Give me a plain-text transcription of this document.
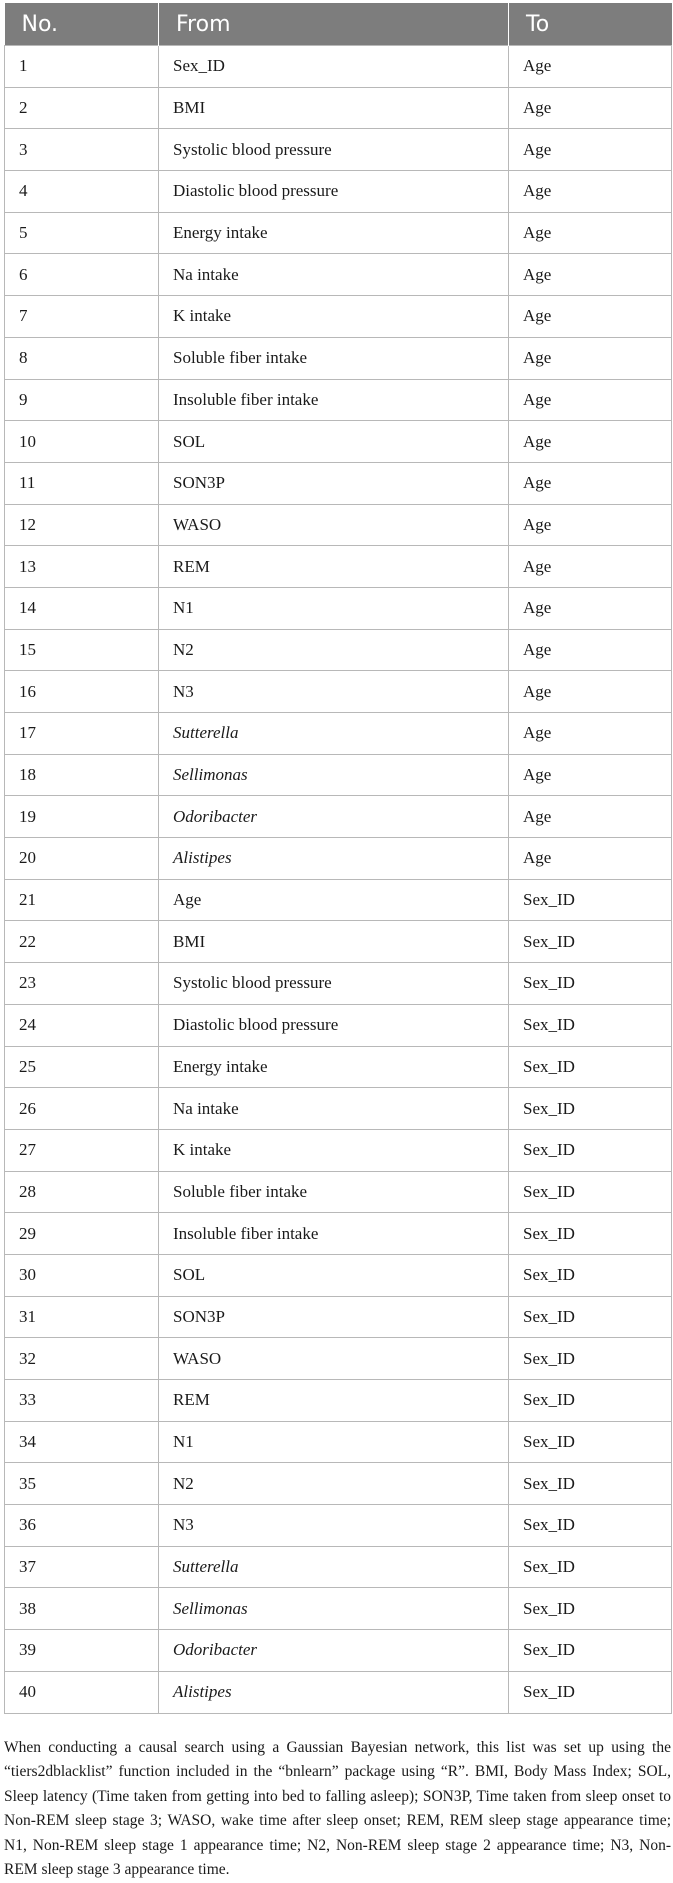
No.	From	To
1	Sex_ID	Age
2	BMI	Age
3	Systolic blood pressure	Age
4	Diastolic blood pressure	Age
5	Energy intake	Age
6	Na intake	Age
7	K intake	Age
8	Soluble fiber intake	Age
9	Insoluble fiber intake	Age
10	SOL	Age
11	SON3P	Age
12	WASO	Age
13	REM	Age
14	N1	Age
15	N2	Age
16	N3	Age
17	Sutterella	Age
18	Sellimonas	Age
19	Odoribacter	Age
20	Alistipes	Age
21	Age	Sex_ID
22	BMI	Sex_ID
23	Systolic blood pressure	Sex_ID
24	Diastolic blood pressure	Sex_ID
25	Energy intake	Sex_ID
26	Na intake	Sex_ID
27	K intake	Sex_ID
28	Soluble fiber intake	Sex_ID
29	Insoluble fiber intake	Sex_ID
30	SOL	Sex_ID
31	SON3P	Sex_ID
32	WASO	Sex_ID
33	REM	Sex_ID
34	N1	Sex_ID
35	N2	Sex_ID
36	N3	Sex_ID
37	Sutterella	Sex_ID
38	Sellimonas	Sex_ID
39	Odoribacter	Sex_ID
40	Alistipes	Sex_ID

When conducting a causal search using a Gaussian Bayesian network, this list was set up using the “tiers2dblacklist” function included in the “bnlearn” package using “R”. BMI, Body Mass Index; SOL, Sleep latency (Time taken from getting into bed to falling asleep); SON3P, Time taken from sleep onset to Non-REM sleep stage 3; WASO, wake time after sleep onset; REM, REM sleep stage appearance time; N1, Non-REM sleep stage 1 appearance time; N2, Non-REM sleep stage 2 appearance time; N3, Non-REM sleep stage 3 appearance time.
